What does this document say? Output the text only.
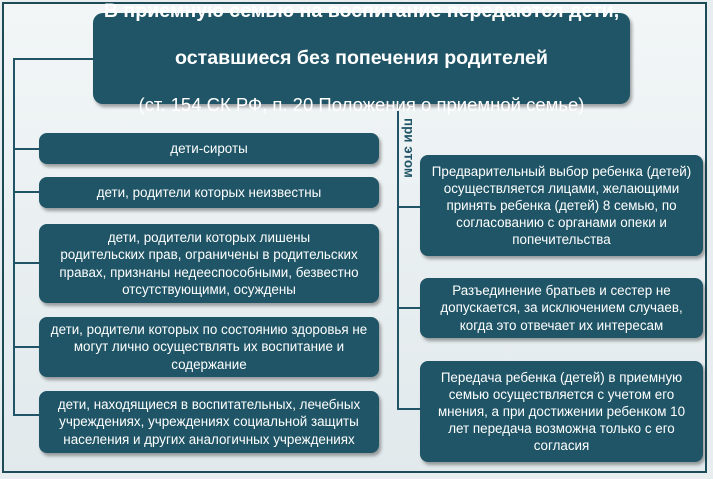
при этом

В приемную семью на воспитание передаются дети,

оставшиеся без попечения родителей

(ст. 154 СК РФ, п. 20 Положения о приемной семье)

дети-сироты
дети, родители которых неизвестны
дети, родители которых лишены
родительских прав, ограничены в родительских
правах, признаны недееспособными, безвестно
отсутствующими, осуждены
дети, родители которых по состоянию здоровья не
могут лично осуществлять их воспитание и
содержание
дети, находящиеся в воспитательных, лечебных
учреждениях, учреждениях социальной защиты
населения и других аналогичных учреждениях
Предварительный выбор ребенка (детей)
осуществляется лицами, желающими
принять ребенка (детей) 8 семью, по
согласованию с органами опеки и
попечительства
Разъединение братьев и сестер не
допускается, за исключением случаев,
когда это отвечает их интересам
Передача ребенка (детей) в приемную
семью осуществляется с учетом его
мнения, а при достижении ребенком 10
лет передача возможна только с его
согласия
